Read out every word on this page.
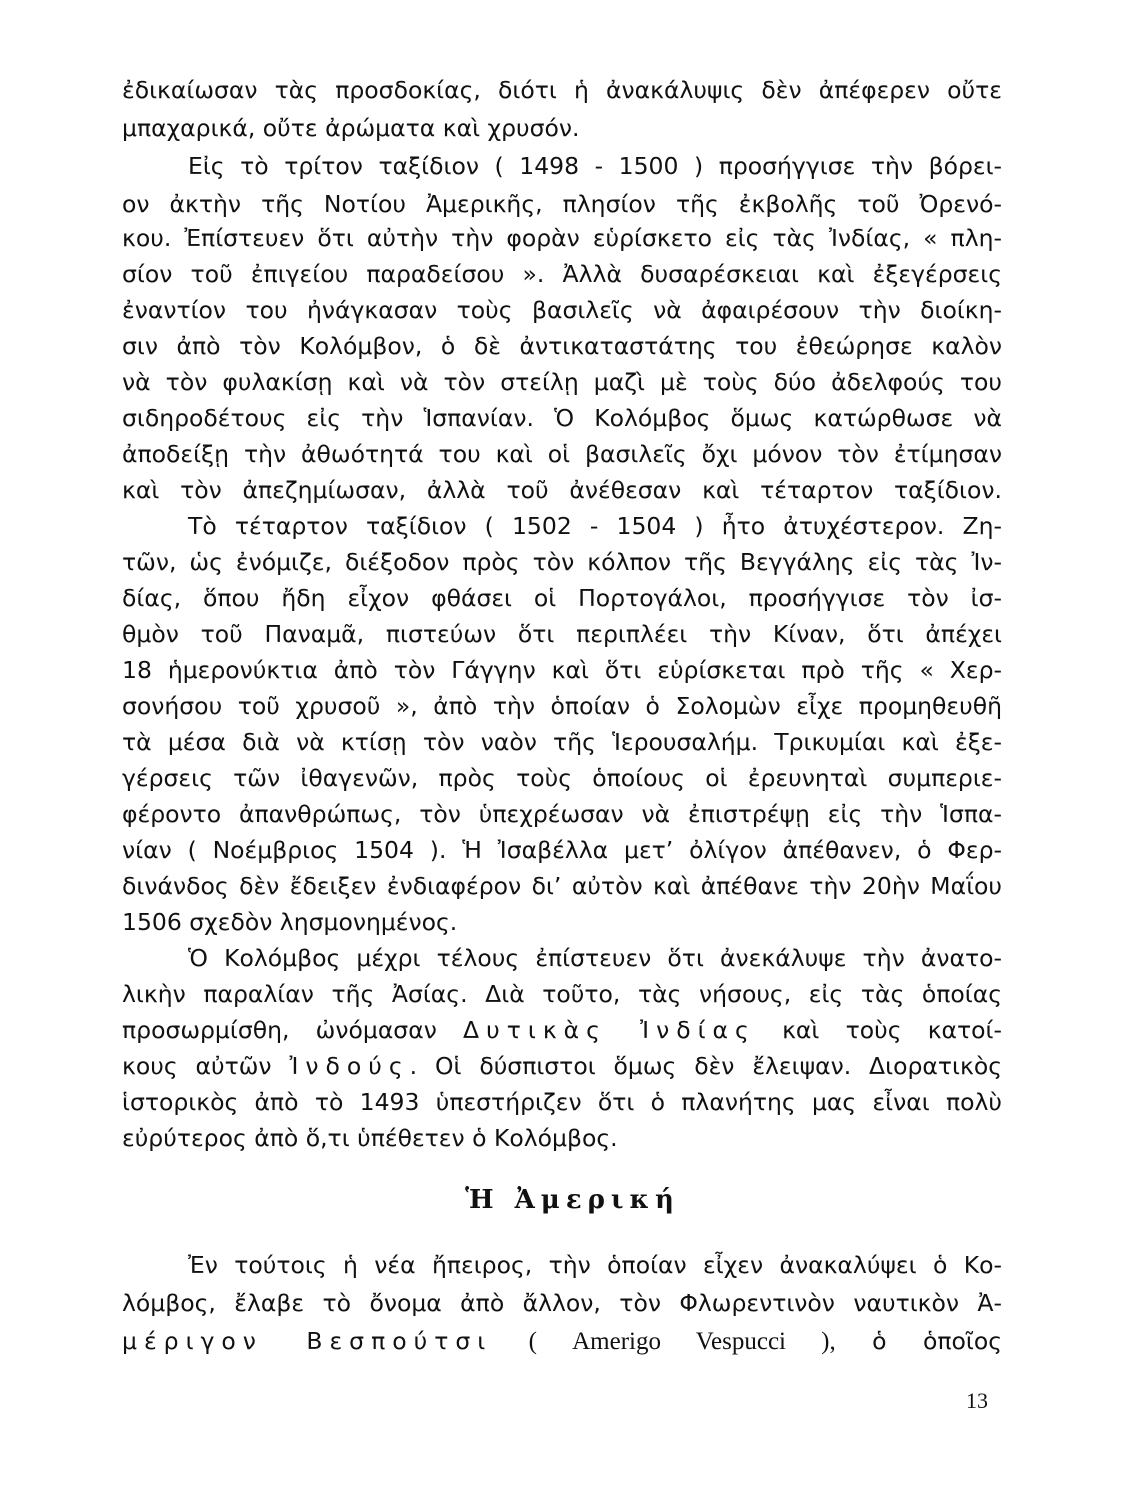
ἐδικαίωσαν τὰς προσδοκίας, διότι ἡ ἀνακάλυψις δὲν ἀπέφερεν οὔτε
μπαχαρικά, οὔτε ἀρώματα καὶ χρυσόν.
Εἰς τὸ τρίτον ταξίδιον ( 1498 - 1500 ) προσήγγισε τὴν βόρει-
ον ἀκτὴν τῆς Νοτίου Ἀμερικῆς, πλησίον τῆς ἐκβολῆς τοῦ Ὀρενό-
κου. Ἐπίστευεν ὅτι αὐτὴν τὴν φορὰν εὑρίσκετο εἰς τὰς Ἰνδίας, « πλη-
σίον τοῦ ἐπιγείου παραδείσου ». Ἀλλὰ δυσαρέσκειαι καὶ ἐξεγέρσεις
ἐναντίον του ἠνάγκασαν τοὺς βασιλεῖς νὰ ἀφαιρέσουν τὴν διοίκη-
σιν ἀπὸ τὸν Κολόμβον, ὁ δὲ ἀντικαταστάτης του ἐθεώρησε καλὸν
νὰ τὸν φυλακίσῃ καὶ νὰ τὸν στείλῃ μαζὶ μὲ τοὺς δύο ἀδελφούς του
σιδηροδέτους εἰς τὴν Ἱσπανίαν. Ὁ Κολόμβος ὅμως κατώρθωσε νὰ
ἀποδείξῃ τὴν ἀθωότητά του καὶ οἱ βασιλεῖς ὄχι μόνον τὸν ἐτίμησαν
καὶ τὸν ἀπεζημίωσαν, ἀλλὰ τοῦ ἀνέθεσαν καὶ τέταρτον ταξίδιον.
Τὸ τέταρτον ταξίδιον ( 1502 - 1504 ) ἦτο ἀτυχέστερον. Ζη-
τῶν, ὡς ἐνόμιζε, διέξοδον πρὸς τὸν κόλπον τῆς Βεγγάλης εἰς τὰς Ἰν-
δίας, ὅπου ἤδη εἶχον φθάσει οἱ Πορτογάλοι, προσήγγισε τὸν ἰσ-
θμὸν τοῦ Παναμᾶ, πιστεύων ὅτι περιπλέει τὴν Κίναν, ὅτι ἀπέχει
18 ἡμερονύκτια ἀπὸ τὸν Γάγγην καὶ ὅτι εὑρίσκεται πρὸ τῆς « Χερ-
σονήσου τοῦ χρυσοῦ », ἀπὸ τὴν ὁποίαν ὁ Σολομὼν εἶχε προμηθευθῆ
τὰ μέσα διὰ νὰ κτίσῃ τὸν ναὸν τῆς Ἱερουσαλήμ. Τρικυμίαι καὶ ἐξε-
γέρσεις τῶν ἰθαγενῶν, πρὸς τοὺς ὁποίους οἱ ἐρευνηταὶ συμπεριε-
φέροντο ἀπανθρώπως, τὸν ὑπεχρέωσαν νὰ ἐπιστρέψῃ εἰς τὴν Ἱσπα-
νίαν ( Νοέμβριος 1504 ). Ἡ Ἰσαβέλλα μετ’ ὀλίγον ἀπέθανεν, ὁ Φερ-
δινάνδος δὲν ἔδειξεν ἐνδιαφέρον δι’ αὐτὸν καὶ ἀπέθανε τὴν 20ὴν Μαΐου
1506 σχεδὸν λησμονημένος.
Ὁ Κολόμβος μέχρι τέλους ἐπίστευεν ὅτι ἀνεκάλυψε τὴν ἀνατο-
λικὴν παραλίαν τῆς Ἀσίας. Διὰ τοῦτο, τὰς νήσους, εἰς τὰς ὁποίας
προσωρμίσθη, ὠνόμασαν Δυτικὰς Ἰνδίας καὶ τοὺς κατοί-
κους αὐτῶν Ἰνδούς. Οἱ δύσπιστοι ὅμως δὲν ἔλειψαν. Διορατικὸς
ἱστορικὸς ἀπὸ τὸ 1493 ὑπεστήριζεν ὅτι ὁ πλανήτης μας εἶναι πολὺ
εὐρύτερος ἀπὸ ὅ,τι ὑπέθετεν ὁ Κολόμβος.
Ἡ Ἀμερική
Ἐν τούτοις ἡ νέα ἤπειρος, τὴν ὁποίαν εἶχεν ἀνακαλύψει ὁ Κο-
λόμβος, ἔλαβε τὸ ὄνομα ἀπὸ ἄλλον, τὸν Φλωρεντινὸν ναυτικὸν Ἀ-
μέριγον Βεσπούτσι ( Amerigo Vespucci ), ὁ ὁποῖος
13
